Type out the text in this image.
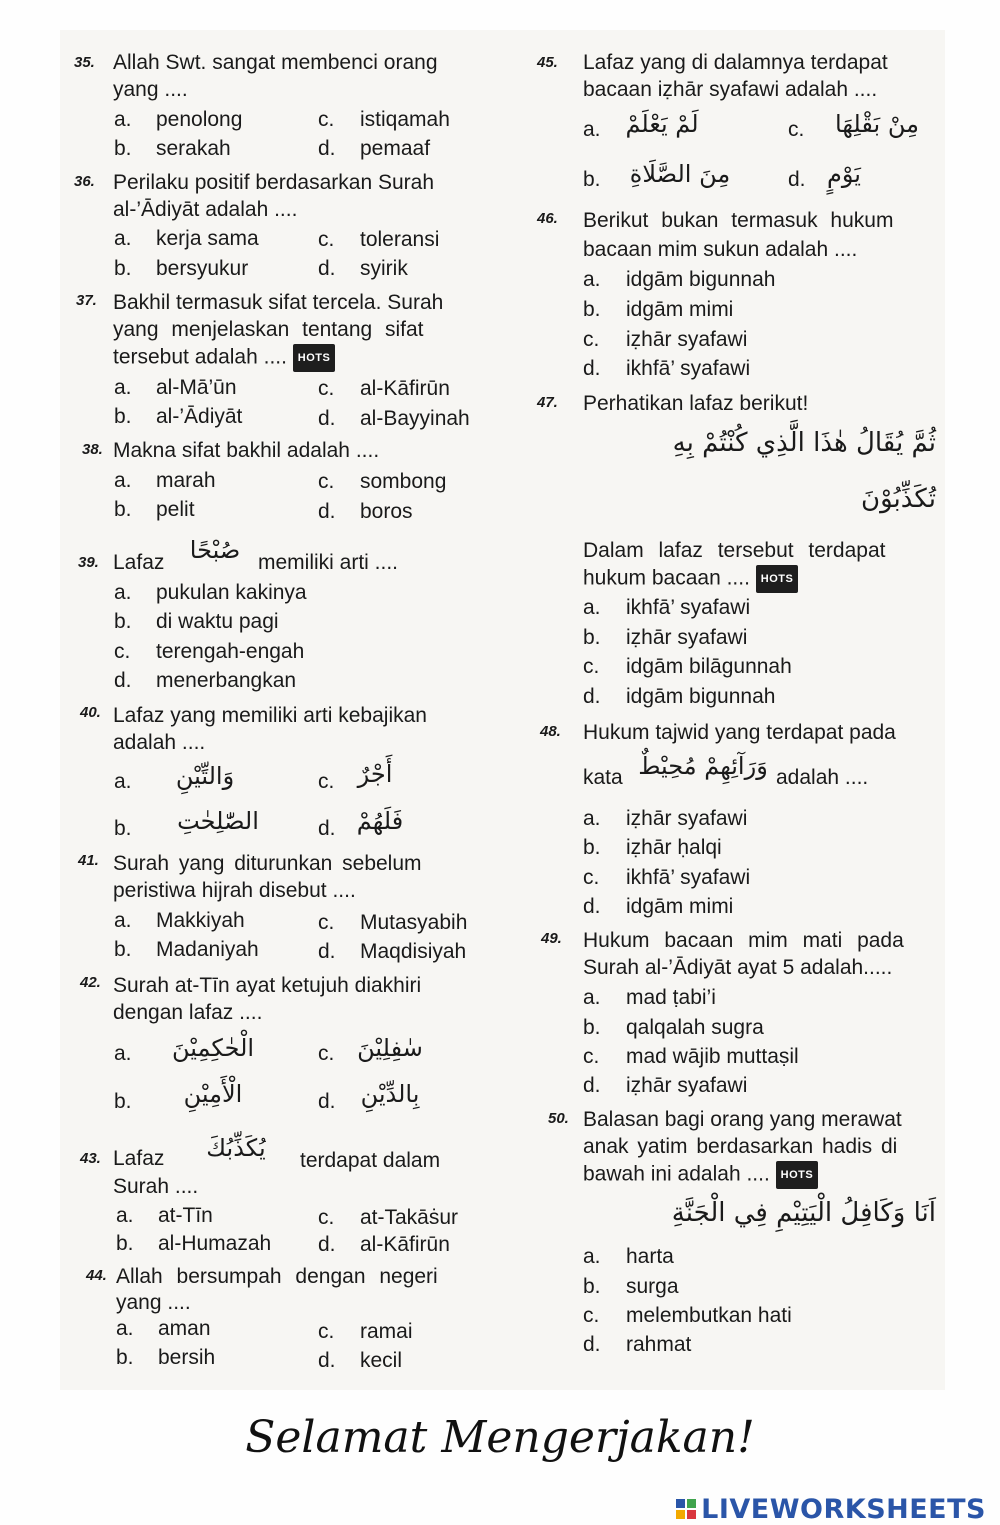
35. Allah Swt. sangat membenci orang
yang ....
a. penolong	c. istiqamah
b. serakah	d. pemaaf
36. Perilaku positif berdasarkan Surah
al-’Ādiyāt adalah ....
a. kerja sama	c. toleransi
b. bersyukur	d. syirik
37. Bakhil termasuk sifat tercela. Surah
yang menjelaskan tentang sifat
tersebut adalah .... HOTS
a. al-Mā’ūn	c. al-Kāfirūn
b. al-’Ādiyāt	d. al-Bayyinah
38. Makna sifat bakhil adalah ....
a. marah	c. sombong
b. pelit	d. boros
39. Lafaz	ﺻُﺒْﺤًﺎ memiliki arti ....
a. pukulan kakinya
b. di waktu pagi
c. terengah-engah
d. menerbangkan
40. Lafaz yang memiliki arti kebajikan
adalah ....
a.	وَالتِّيْنِ	c. أَجْرٌ
b.	الصّٰلِحٰتِ	d. فَلَهُمْ
41. Surah yang diturunkan sebelum
peristiwa hijrah disebut ....
a. Makkiyah	c. Mutasyabih
b. Madaniyah	d. Maqdisiyah
42. Surah at-Tīn ayat ketujuh diakhiri
dengan lafaz ....
a.	الْحٰكِمِيْنَ	c. سٰفِلِيْنَ
b.	الْأَمِيْنِ	d.	بِالدِّيْنِ
43. Lafaz	يُكَذِّبُكَ	terdapat dalam
Surah ....
a. at-Tīn	c. at-Takāṡur
b. al-Humazah d. al-Kāfirūn
44. Allah bersumpah dengan negeri
yang ....
a. aman	c. ramai
b. bersih	d. kecil
45. Lafaz yang di dalamnya terdapat
bacaan iẓhār syafawi adalah ....
a.	لَمْ يَعْلَمْ	c.	مِنْ بَقْلِهَا
b.	مِنَ الصَّلَاةِ	d. يَوْمٍ
46. Berikut bukan termasuk hukum
bacaan mim sukun adalah ....
a. idgām bigunnah
b. idgām mimi
c. iẓhār syafawi
d. ikhfā’ syafawi
47. Perhatikan lafaz berikut!
ثُمَّ يُقَالُ هٰذَا الَّذِي كُنْتُمْ بِهِ
تُكَذِّبُوْنَ
Dalam lafaz tersebut terdapat
hukum bacaan .... HOTS
a. ikhfā’ syafawi
b. iẓhār syafawi
c. idgām bilāgunnah
d. idgām bigunnah
48. Hukum tajwid yang terdapat pada
kata وَرَآئِهِمْ مُحِيْطٌ adalah ....
a. iẓhār syafawi
b. iẓhār ḥalqi
c. ikhfā’ syafawi
d. idgām mimi
49. Hukum bacaan mim mati pada
Surah al-’Ādiyāt ayat 5 adalah.....
a. mad ṭabi’i
b. qalqalah sugra
c. mad wājib muttaṣil
d. iẓhār syafawi
50. Balasan bagi orang yang merawat
anak yatim berdasarkan hadis di
bawah ini adalah .... HOTS
اَنَا وَكَافِلُ الْيَتِيْمِ فِي الْجَنَّةِ
a. harta
b. surga
c. melembutkan hati
d. rahmat
Selamat Mengerjakan!
LIVEWORKSHEETS
